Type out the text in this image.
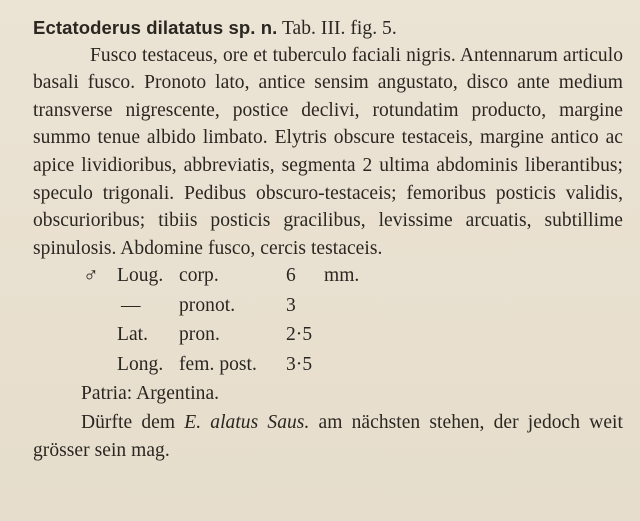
Ectatoderus dilatatus sp. n. Tab. III. fig. 5.

Fusco testaceus, ore et tuberculo faciali nigris. Antennarum articulo basali fusco. Pronoto lato, antice sensim angustato, disco ante medium transverse nigrescente, postice declivi, rotundatim producto, margine summo tenue albido limbato. Elytris obscure testaceis, margine antico ac apice lividioribus, abbreviatis, segmenta 2 ultima abdominis liberantibus; speculo trigonali. Pedibus obscuro-testaceis; femoribus posticis validis, obscurioribus; tibiis posticis gracilibus, levissime arcuatis, subtillime spinulosis. Abdomine fusco, cercis testaceis.

♂ Loug. corp.	6 mm.
— pronot.	3
Lat. pron.	2·5
Long. fem. post. 3·5
Patria: Argentina.

Dürfte dem E. alatus Saus. am nächsten stehen, der jedoch weit grösser sein mag.
